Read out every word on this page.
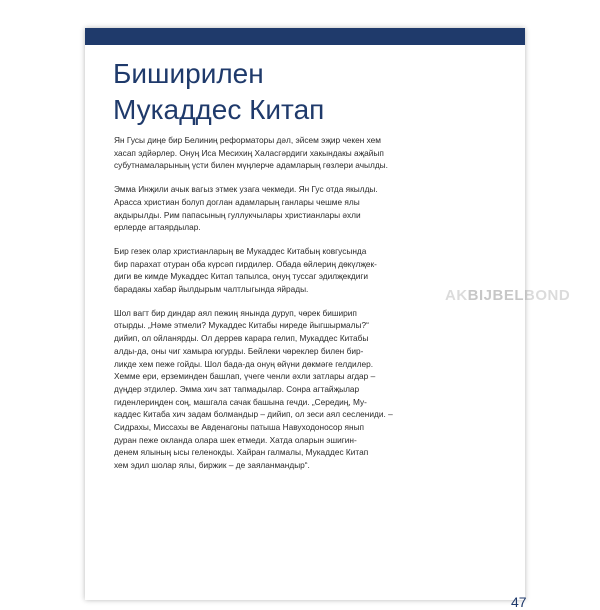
Биширилен
Мукаддес Китап

Ян Гусы диңе бир Белиниң реформаторы дәл, эйсем эҗир чекен хем
хасап эдйәрлер. Онуң Иса Месихиң Халасгәрдиги хакындакы аҗайып
субутнамаларының үсти билен мүңлерче адамларың гөзлери ачылды.

Эмма Инҗили ачык вагыз этмек узага чекмеди. Ян Гус отда якылды.
Арасса христиан болуп доглан адамларың ганлары чешме ялы
акдырылды. Рим папасының гуллукчылары христианлары әхли
ерлерде агтаярдылар.

Бир гезек олар христианларың ве Мукаддес Китабың ковгусында
бир парахат отуран оба күрсәп гирдилер. Обада өйлериң дөкүлҗек-
диги ве кимде Мукаддес Китап тапылса, онуң туссаг эдилҗекдиги
барадакы хабар йылдырым чалтлыгында яйрады.

Шол вагт бир диндар аял пежиң янында дуруп, чөрек биширип
отырды. „Нәме этмели? Мукаддес Китабы ниреде йыгшырмалы?“
дийип, ол ойланярды. Ол деррев карара гелип, Мукаддес Китабы
алды-да, оны чиг хамыра югурды. Бейлеки чөреклер билен бир-
ликде хем пеже гойды. Шол бада-да онуң өйүни дөкмәге гелдилер.
Хемме ери, ерземинден башлап, үчеге ченли әхли затлары агдар –
дүңдер этдилер. Эмма хич зат тапмадылар. Сонра агтайҗылар
гиденлериңден соң, машгала сачак башына гечди. „Середиң, Му-
каддес Китаба хич задам болмандыр – дийип, ол зеси аял сеслениди. –
Сидрахы, Миссахы ве Авденагоны патыша Навуходоносор янып
дуран пеже окланда олара шек етмеди. Хатда оларын эшигин-
денем ялының ысы геленокды. Хайран галмалы, Мукаддес Китап
хем эдил шолар ялы, биржик – де заяланмандыр“.

AKBIJBELBOND
47
